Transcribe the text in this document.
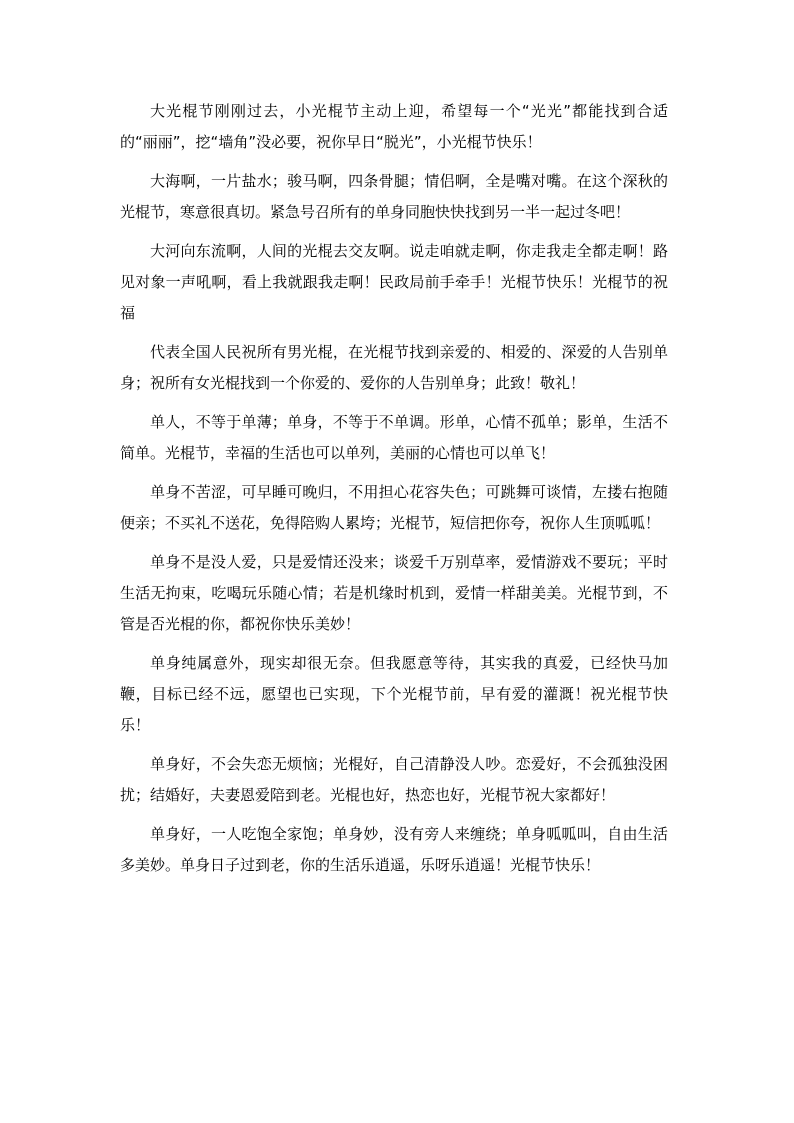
大光棍节刚刚过去，小光棍节主动上迎，希望每一个“光光”都能找到合适的“丽丽”，挖“墙角”没必要，祝你早日“脱光”，小光棍节快乐！

大海啊，一片盐水；骏马啊，四条骨腿；情侣啊，全是嘴对嘴。在这个深秋的光棍节，寒意很真切。紧急号召所有的单身同胞快快找到另一半一起过冬吧！

大河向东流啊，人间的光棍去交友啊。说走咱就走啊，你走我走全都走啊！路见对象一声吼啊，看上我就跟我走啊！民政局前手牵手！光棍节快乐！光棍节的祝福

代表全国人民祝所有男光棍，在光棍节找到亲爱的、相爱的、深爱的人告别单身；祝所有女光棍找到一个你爱的、爱你的人告别单身；此致！敬礼！

单人，不等于单薄；单身，不等于不单调。形单，心情不孤单；影单，生活不简单。光棍节，幸福的生活也可以单列，美丽的心情也可以单飞！

单身不苦涩，可早睡可晚归，不用担心花容失色；可跳舞可谈情，左搂右抱随便亲；不买礼不送花，免得陪购人累垮；光棍节，短信把你夸，祝你人生顶呱呱！

单身不是没人爱，只是爱情还没来；谈爱千万别草率，爱情游戏不要玩；平时生活无拘束，吃喝玩乐随心情；若是机缘时机到，爱情一样甜美美。光棍节到，不管是否光棍的你，都祝你快乐美妙！

单身纯属意外，现实却很无奈。但我愿意等待，其实我的真爱，已经快马加鞭，目标已经不远，愿望也已实现，下个光棍节前，早有爱的灌溉！祝光棍节快乐！

单身好，不会失恋无烦恼；光棍好，自己清静没人吵。恋爱好，不会孤独没困扰；结婚好，夫妻恩爱陪到老。光棍也好，热恋也好，光棍节祝大家都好！

单身好，一人吃饱全家饱；单身妙，没有旁人来缠绕；单身呱呱叫，自由生活多美妙。单身日子过到老，你的生活乐逍遥，乐呀乐逍遥！光棍节快乐！
